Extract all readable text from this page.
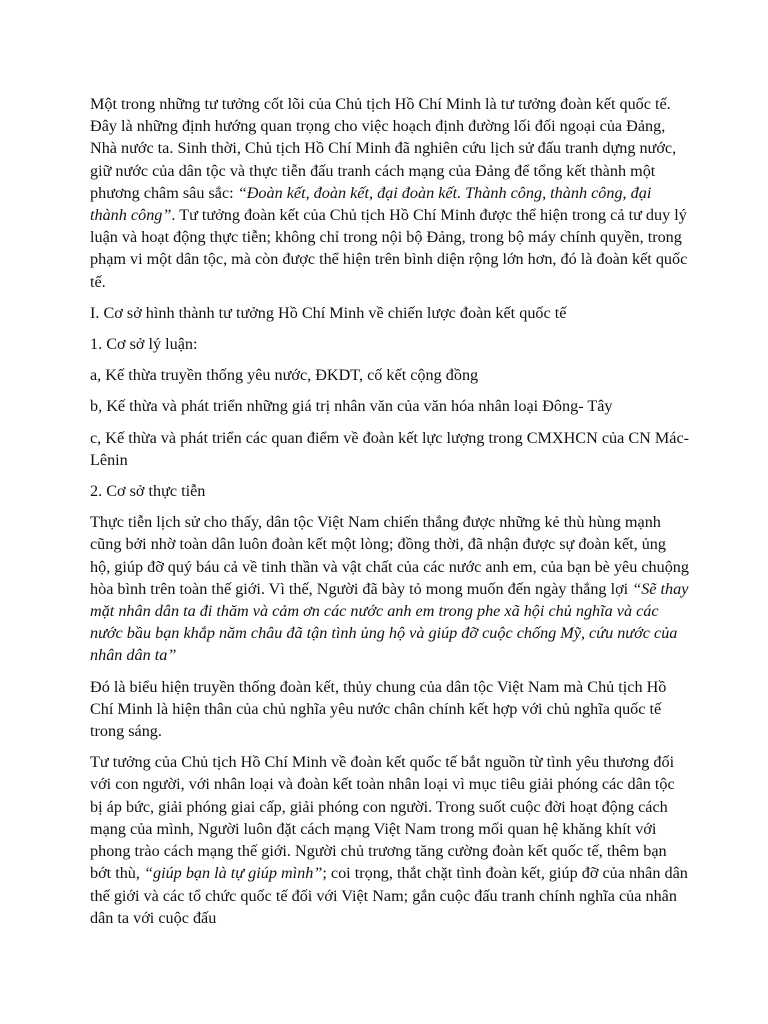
Một trong những tư tưởng cốt lõi của Chủ tịch Hồ Chí Minh là tư tưởng đoàn kết quốc tế. Đây là những định hướng quan trọng cho việc hoạch định đường lối đối ngoại của Đảng, Nhà nước ta. Sinh thời, Chủ tịch Hồ Chí Minh đã nghiên cứu lịch sử đấu tranh dựng nước, giữ nước của dân tộc và thực tiễn đấu tranh cách mạng của Đảng để tổng kết thành một phương châm sâu sắc: “Đoàn kết, đoàn kết, đại đoàn kết. Thành công, thành công, đại thành công”. Tư tưởng đoàn kết của Chủ tịch Hồ Chí Minh được thể hiện trong cả tư duy lý luận và hoạt động thực tiễn; không chỉ trong nội bộ Đảng, trong bộ máy chính quyền, trong phạm vi một dân tộc, mà còn được thể hiện trên bình diện rộng lớn hơn, đó là đoàn kết quốc tế.

I. Cơ sở hình thành tư tưởng Hồ Chí Minh về chiến lược đoàn kết quốc tế

1. Cơ sở lý luận:

a, Kế thừa truyền thống yêu nước, ĐKDT, cố kết cộng đồng

b, Kế thừa và phát triển những giá trị nhân văn của văn hóa nhân loại Đông- Tây

c, Kế thừa và phát triển các quan điểm về đoàn kết lực lượng trong CMXHCN của CN Mác-Lênin

2. Cơ sở thực tiễn

Thực tiễn lịch sử cho thấy, dân tộc Việt Nam chiến thắng được những kẻ thù hùng mạnh cũng bởi nhờ toàn dân luôn đoàn kết một lòng; đồng thời, đã nhận được sự đoàn kết, ủng hộ, giúp đỡ quý báu cả về tinh thần và vật chất của các nước anh em, của bạn bè yêu chuộng hòa bình trên toàn thế giới. Vì thế, Người đã bày tỏ mong muốn đến ngày thắng lợi “Sẽ thay mặt nhân dân ta đi thăm và cảm ơn các nước anh em trong phe xã hội chủ nghĩa và các nước bầu bạn khắp năm châu đã tận tình ủng hộ và giúp đỡ cuộc chống Mỹ, cứu nước của nhân dân ta”

Đó là biểu hiện truyền thống đoàn kết, thủy chung của dân tộc Việt Nam mà Chủ tịch Hồ Chí Minh là hiện thân của chủ nghĩa yêu nước chân chính kết hợp với chủ nghĩa quốc tế trong sáng.

Tư tưởng của Chủ tịch Hồ Chí Minh về đoàn kết quốc tế bắt nguồn từ tình yêu thương đối với con người, với nhân loại và đoàn kết toàn nhân loại vì mục tiêu giải phóng các dân tộc bị áp bức, giải phóng giai cấp, giải phóng con người. Trong suốt cuộc đời hoạt động cách mạng của mình, Người luôn đặt cách mạng Việt Nam trong mối quan hệ khăng khít với phong trào cách mạng thế giới. Người chủ trương tăng cường đoàn kết quốc tế, thêm bạn bớt thù, “giúp bạn là tự giúp mình”; coi trọng, thắt chặt tình đoàn kết, giúp đỡ của nhân dân thế giới và các tổ chức quốc tế đối với Việt Nam; gắn cuộc đấu tranh chính nghĩa của nhân dân ta với cuộc đấu
